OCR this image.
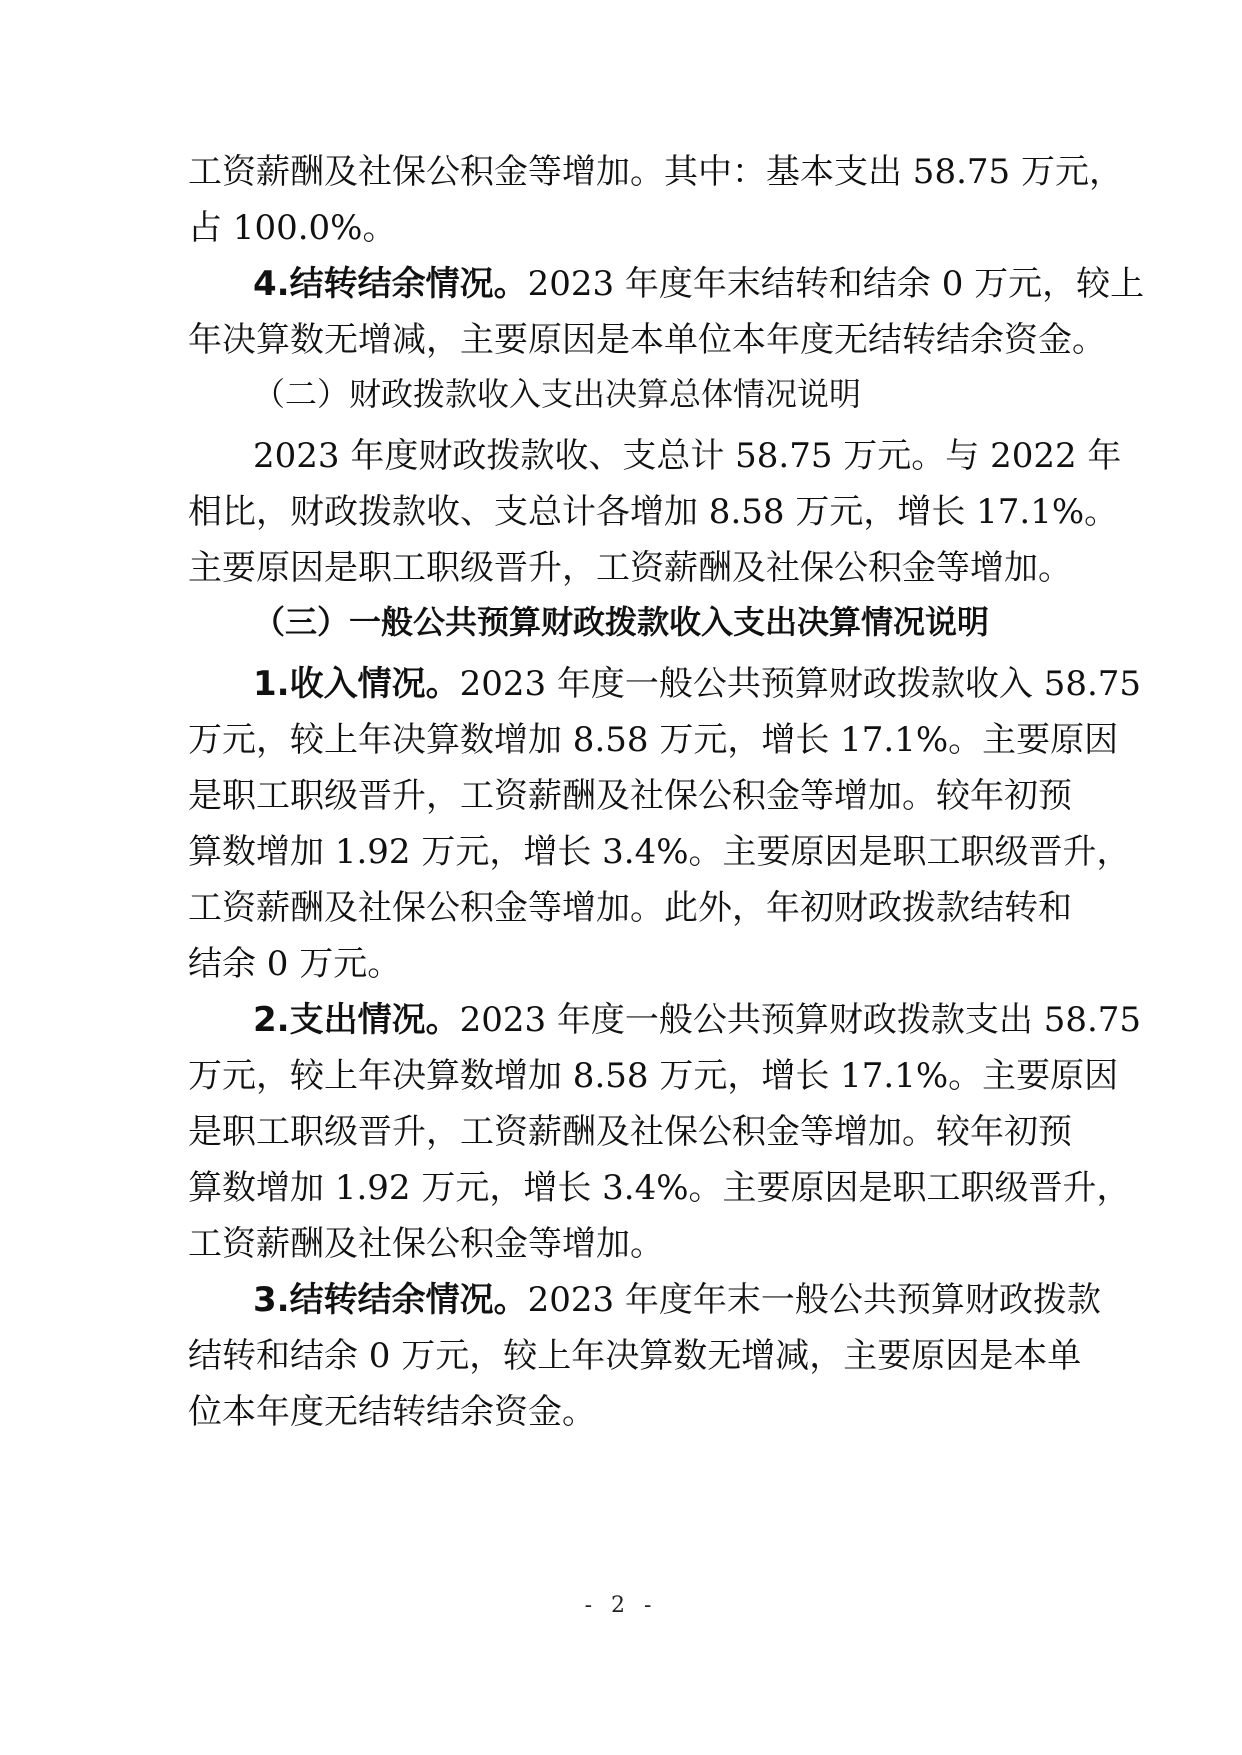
工资薪酬及社保公积金等增加。其中：基本支出 58.75 万元，
占 100.0%。
4.结转结余情况。2023 年度年末结转和结余 0 万元，较上
年决算数无增减，主要原因是本单位本年度无结转结余资金。
（二）财政拨款收入支出决算总体情况说明
2023 年度财政拨款收、支总计 58.75 万元。与 2022 年
相比，财政拨款收、支总计各增加 8.58 万元，增长 17.1%。
主要原因是职工职级晋升，工资薪酬及社保公积金等增加。
（三）一般公共预算财政拨款收入支出决算情况说明
1.收入情况。2023 年度一般公共预算财政拨款收入 58.75
万元，较上年决算数增加 8.58 万元，增长 17.1%。主要原因
是职工职级晋升，工资薪酬及社保公积金等增加。较年初预
算数增加 1.92 万元，增长 3.4%。主要原因是职工职级晋升，
工资薪酬及社保公积金等增加。此外，年初财政拨款结转和
结余 0 万元。
2.支出情况。2023 年度一般公共预算财政拨款支出 58.75
万元，较上年决算数增加 8.58 万元，增长 17.1%。主要原因
是职工职级晋升，工资薪酬及社保公积金等增加。较年初预
算数增加 1.92 万元，增长 3.4%。主要原因是职工职级晋升，
工资薪酬及社保公积金等增加。
3.结转结余情况。2023 年度年末一般公共预算财政拨款
结转和结余 0 万元，较上年决算数无增减，主要原因是本单
位本年度无结转结余资金。
- 2 -
